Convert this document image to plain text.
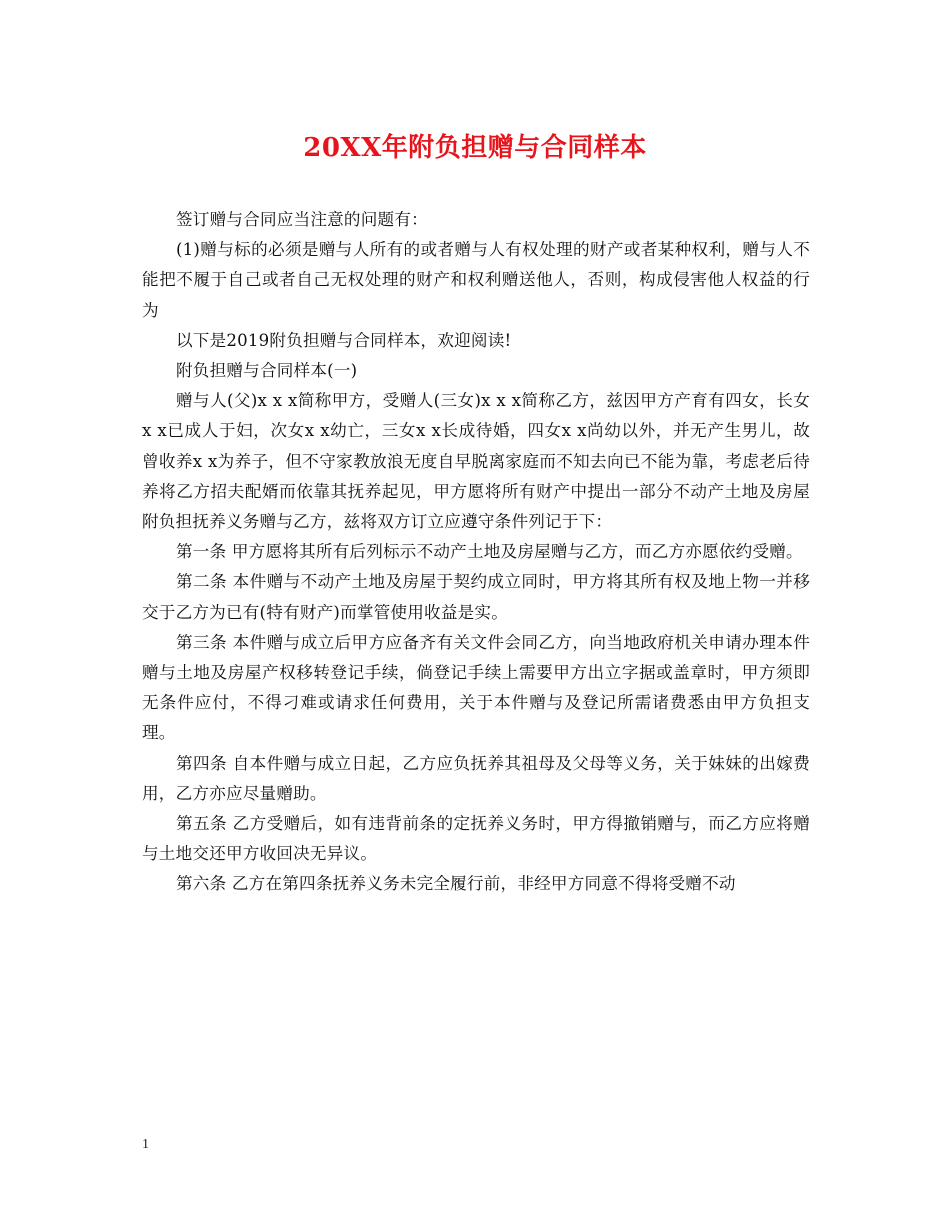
20XX年附负担赠与合同样本

签订赠与合同应当注意的问题有：

(1)赠与标的必须是赠与人所有的或者赠与人有权处理的财产或者某种权利，赠与人不能把不履于自己或者自己无权处理的财产和权利赠送他人，否则，构成侵害他人权益的行为

以下是2019附负担赠与合同样本，欢迎阅读!

附负担赠与合同样本(一)

赠与人(父)x x x简称甲方，受赠人(三女)x x x简称乙方，兹因甲方产育有四女，长女x x已成人于妇，次女x x幼亡，三女x x长成待婚，四女x x尚幼以外，并无产生男儿，故曾收养x x为养子，但不守家教放浪无度自早脱离家庭而不知去向已不能为靠，考虑老后待养将乙方招夫配婿而依靠其抚养起见，甲方愿将所有财产中提出一部分不动产土地及房屋附负担抚养义务赠与乙方，兹将双方订立应遵守条件列记于下：

第一条 甲方愿将其所有后列标示不动产土地及房屋赠与乙方，而乙方亦愿依约受赠。

第二条 本件赠与不动产土地及房屋于契约成立同时，甲方将其所有权及地上物一并移交于乙方为已有(特有财产)而掌管使用收益是实。

第三条 本件赠与成立后甲方应备齐有关文件会同乙方，向当地政府机关申请办理本件赠与土地及房屋产权移转登记手续，倘登记手续上需要甲方出立字据或盖章时，甲方须即无条件应付，不得刁难或请求任何费用，关于本件赠与及登记所需诸费悉由甲方负担支理。

第四条 自本件赠与成立日起，乙方应负抚养其祖母及父母等义务，关于妹妹的出嫁费用，乙方亦应尽量赠助。

第五条 乙方受赠后，如有违背前条的定抚养义务时，甲方得撤销赠与，而乙方应将赠与土地交还甲方收回决无异议。

第六条 乙方在第四条抚养义务未完全履行前，非经甲方同意不得将受赠不动

1
